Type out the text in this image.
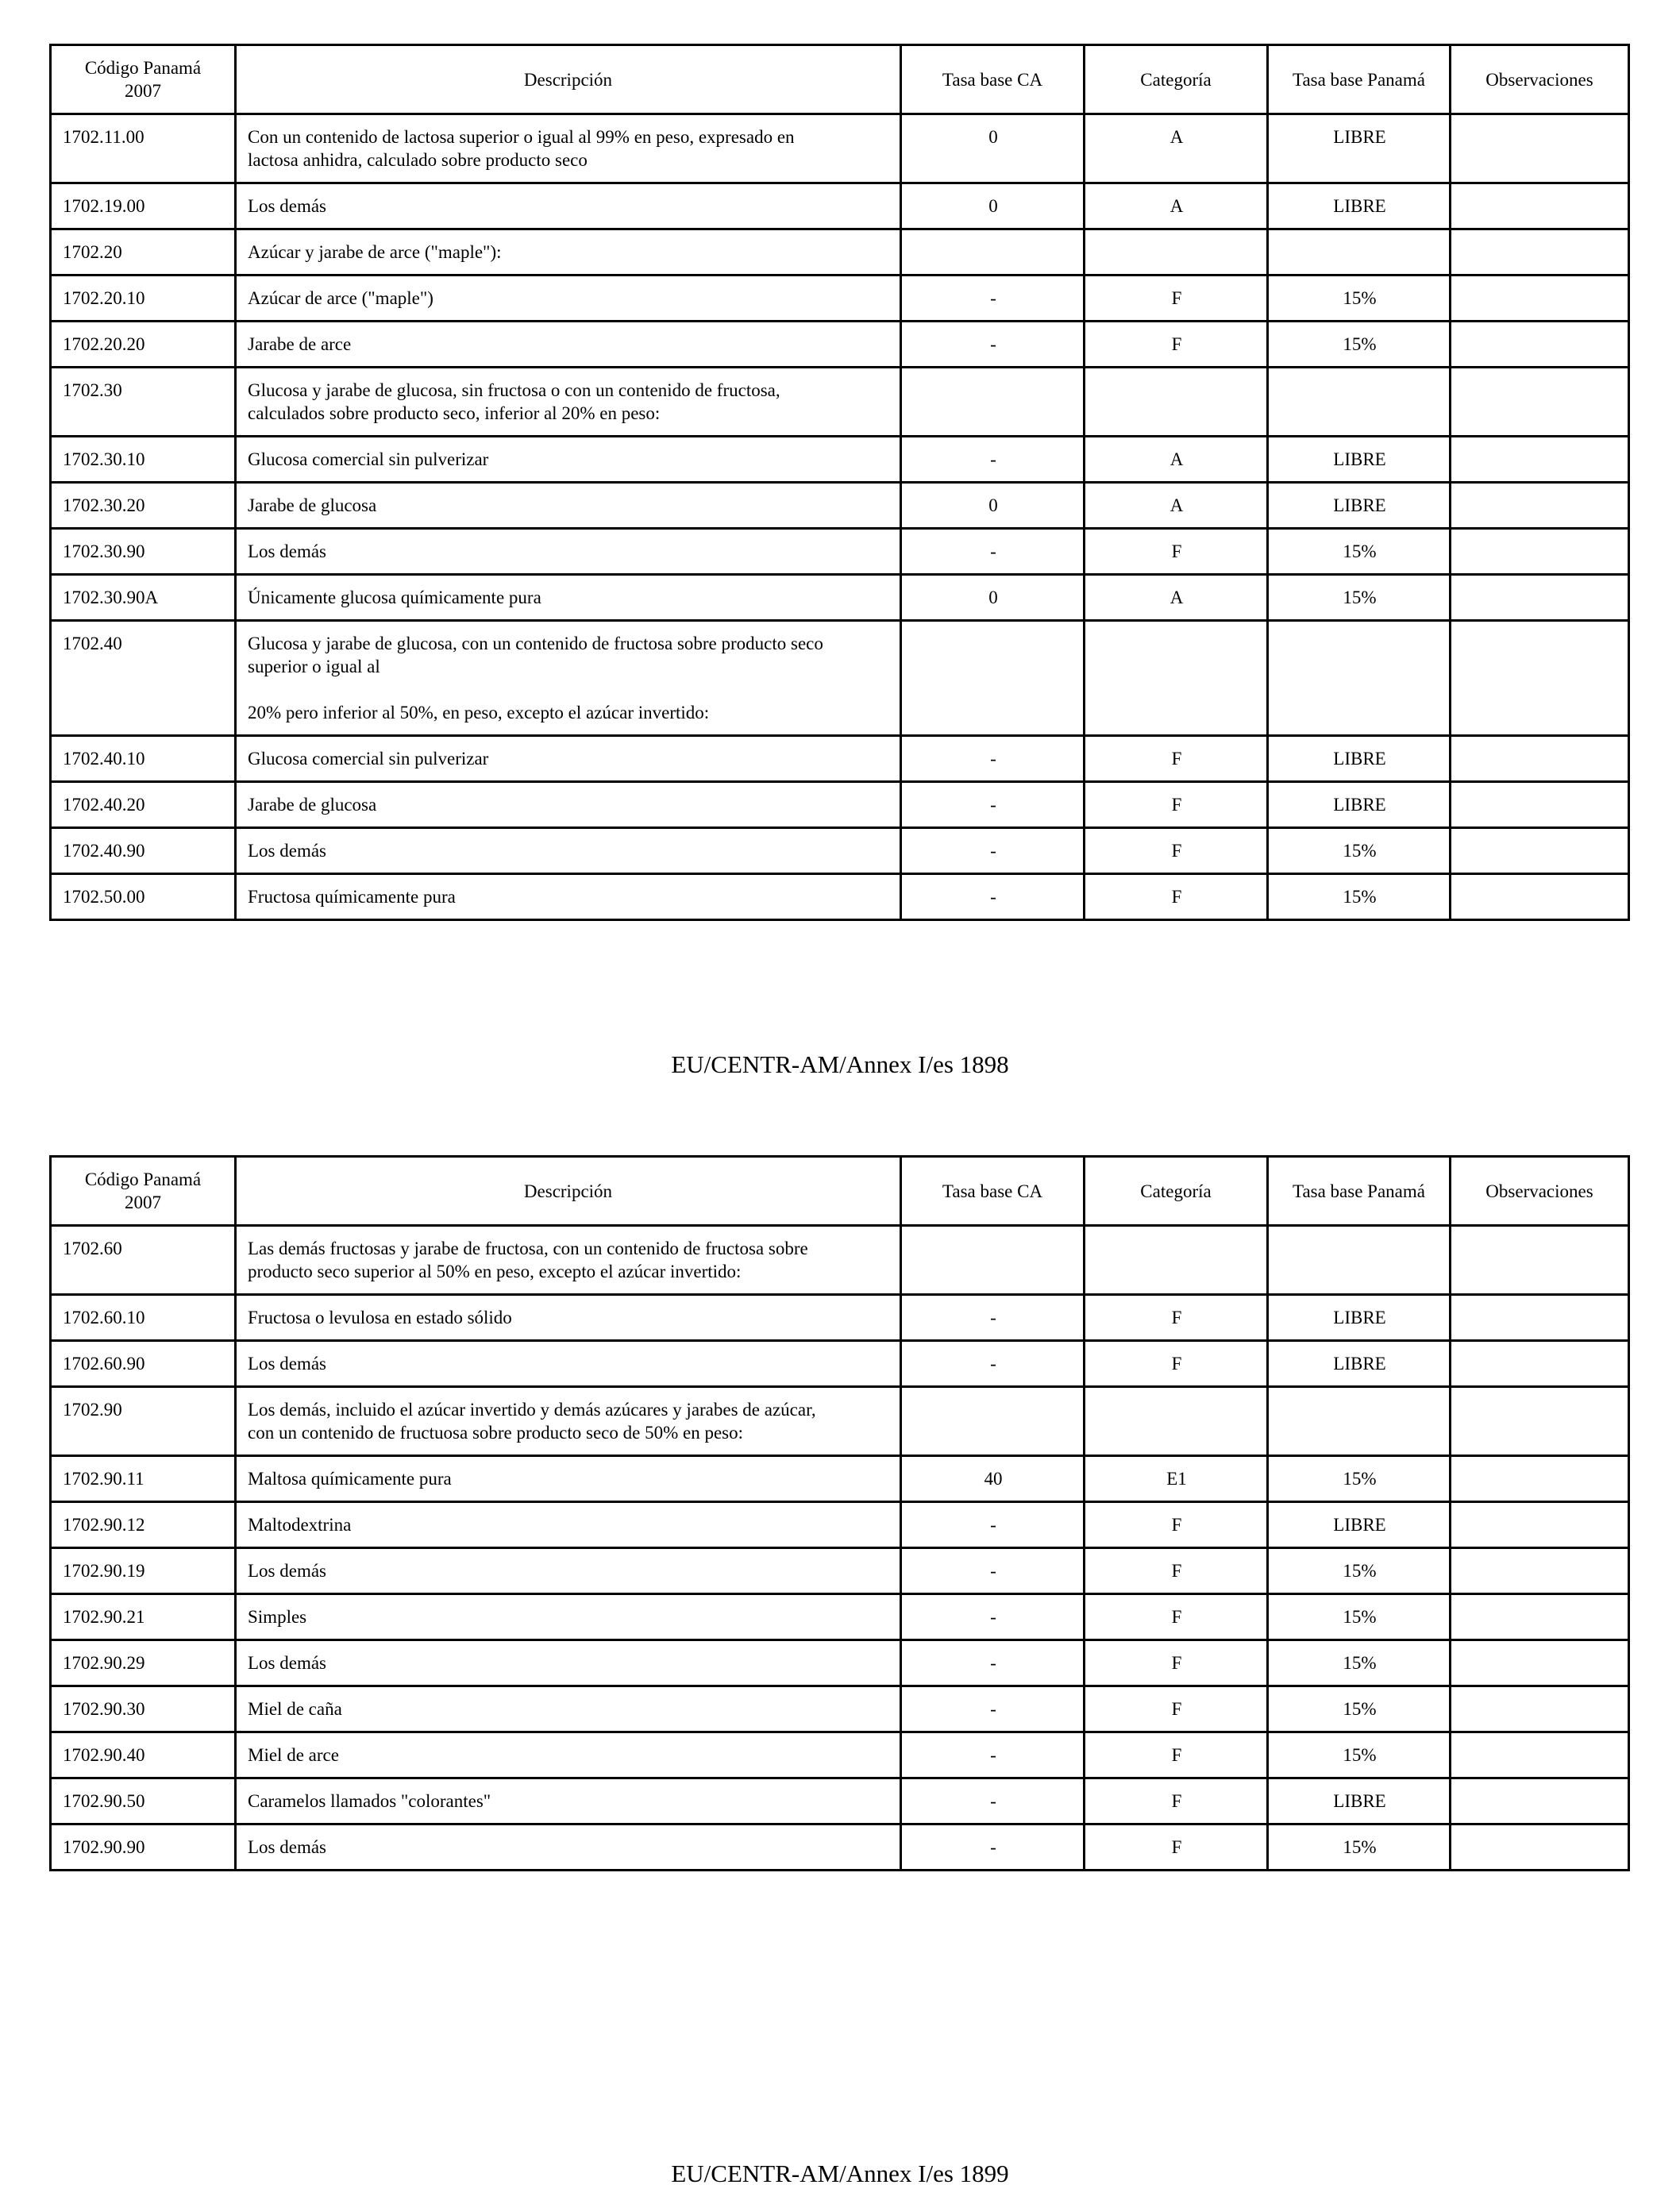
Código Panamá
2007	Descripción	Tasa base CA	Categoría	Tasa base Panamá	Observaciones
1702.11.00	Con un contenido de lactosa superior o igual al 99% en peso, expresado en
lactosa anhidra, calculado sobre producto seco	0	A	LIBRE	
1702.19.00	Los demás	0	A	LIBRE	
1702.20	Azúcar y jarabe de arce ("maple"):				
1702.20.10	Azúcar de arce ("maple")	-	F	15%	
1702.20.20	Jarabe de arce	-	F	15%	
1702.30	Glucosa y jarabe de glucosa, sin fructosa o con un contenido de fructosa,
calculados sobre producto seco, inferior al 20% en peso:				
1702.30.10	Glucosa comercial sin pulverizar	-	A	LIBRE	
1702.30.20	Jarabe de glucosa	0	A	LIBRE	
1702.30.90	Los demás	-	F	15%	
1702.30.90A	Únicamente glucosa químicamente pura	0	A	15%	
1702.40	Glucosa y jarabe de glucosa, con un contenido de fructosa sobre producto seco
superior o igual al

20% pero inferior al 50%, en peso, excepto el azúcar invertido:				
1702.40.10	Glucosa comercial sin pulverizar	-	F	LIBRE	
1702.40.20	Jarabe de glucosa	-	F	LIBRE	
1702.40.90	Los demás	-	F	15%	
1702.50.00	Fructosa químicamente pura	-	F	15%	
EU/CENTR-AM/Annex I/es 1898
Código Panamá
2007	Descripción	Tasa base CA	Categoría	Tasa base Panamá	Observaciones
1702.60	Las demás fructosas y jarabe de fructosa, con un contenido de fructosa sobre
producto seco superior al 50% en peso, excepto el azúcar invertido:				
1702.60.10	Fructosa o levulosa en estado sólido	-	F	LIBRE	
1702.60.90	Los demás	-	F	LIBRE	
1702.90	Los demás, incluido el azúcar invertido y demás azúcares y jarabes de azúcar,
con un contenido de fructuosa sobre producto seco de 50% en peso:				
1702.90.11	Maltosa químicamente pura	40	E1	15%	
1702.90.12	Maltodextrina	-	F	LIBRE	
1702.90.19	Los demás	-	F	15%	
1702.90.21	Simples	-	F	15%	
1702.90.29	Los demás	-	F	15%	
1702.90.30	Miel de caña	-	F	15%	
1702.90.40	Miel de arce	-	F	15%	
1702.90.50	Caramelos llamados "colorantes"	-	F	LIBRE	
1702.90.90	Los demás	-	F	15%	
EU/CENTR-AM/Annex I/es 1899
